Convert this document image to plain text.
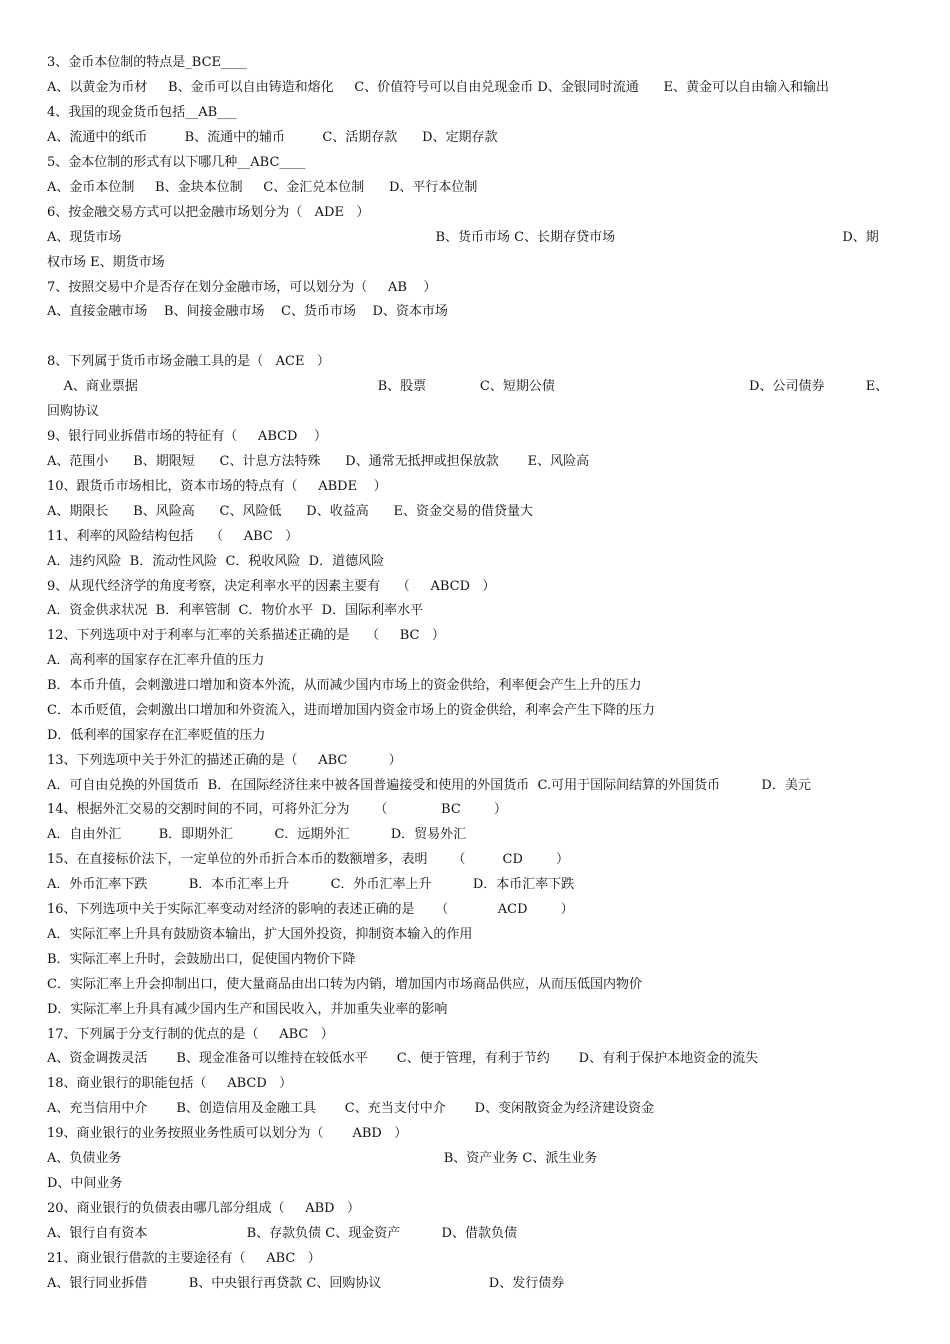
3、金币本位制的特点是_BCE____
A、以黄金为币材     B、金币可以自由铸造和熔化     C、价值符号可以自由兑现金币 D、金银同时流通      E、黄金可以自由输入和输出
4、我国的现金货币包括__AB___
A、流通中的纸币         B、流通中的辅币         C、活期存款      D、定期存款
5、金本位制的形式有以下哪几种__ABC____
A、金币本位制     B、金块本位制     C、金汇兑本位制      D、平行本位制
6、按金融交易方式可以把金融市场划分为（   ADE   ）
A、现货市场                                                                            B、货币市场 C、长期存贷市场                                                       D、期
权市场 E、期货市场
7、按照交易中介是否存在划分金融市场，可以划分为（     AB    ）
A、直接金融市场    B、间接金融市场    C、货币市场    D、资本市场
8、下列属于货币市场金融工具的是（   ACE   ）
A、商业票据                                                          B、股票             C、短期公债                                               D、公司债券          E、
回购协议
9、银行同业拆借市场的特征有（     ABCD    ）
A、范围小      B、期限短      C、计息方法特殊      D、通常无抵押或担保放款       E、风险高
10、跟货币市场相比，资本市场的特点有（     ABDE    ）
A、期限长      B、风险高      C、风险低      D、收益高      E、资金交易的借贷量大
11、利率的风险结构包括    （     ABC   ）
A．违约风险  B．流动性风险  C．税收风险  D．道德风险
9、从现代经济学的角度考察，决定利率水平的因素主要有    （     ABCD   ）
A．资金供求状况  B．利率管制  C．物价水平  D．国际利率水平
12、下列选项中对于利率与汇率的关系描述正确的是    （     BC   ）
A．高利率的国家存在汇率升值的压力
B．本币升值，会刺激进口增加和资本外流，从而减少国内市场上的资金供给，利率便会产生上升的压力
C．本币贬值，会刺激出口增加和外资流入，进而增加国内资金市场上的资金供给，利率会产生下降的压力
D．低利率的国家存在汇率贬值的压力
13、下列选项中关于外汇的描述正确的是（     ABC          ）
A．可自由兑换的外国货币  B．在国际经济往来中被各国普遍接受和使用的外国货币  C.可用于国际间结算的外国货币          D．美元
14、根据外汇交易的交割时间的不同，可将外汇分为      （             BC        ）
A．自由外汇         B．即期外汇          C．远期外汇          D．贸易外汇
15、在直接标价法下，一定单位的外币折合本币的数额增多，表明      （         CD        ）
A．外币汇率下跌          B．本币汇率上升          C．外币汇率上升          D．本币汇率下跌
16、下列选项中关于实际汇率变动对经济的影响的表述正确的是     （            ACD        ）
A．实际汇率上升具有鼓励资本输出，扩大国外投资，抑制资本输入的作用
B．实际汇率上升时，会鼓励出口，促使国内物价下降
C．实际汇率上升会抑制出口，使大量商品由出口转为内销，增加国内市场商品供应，从而压低国内物价
D．实际汇率上升具有减少国内生产和国民收入，并加重失业率的影响
17、下列属于分支行制的优点的是（     ABC   ）
A、资金调拨灵活       B、现金准备可以维持在较低水平       C、便于管理，有利于节约       D、有利于保护本地资金的流失
18、商业银行的职能包括（     ABCD   ）
A、充当信用中介       B、创造信用及金融工具       C、充当支付中介       D、变闲散资金为经济建设资金
19、商业银行的业务按照业务性质可以划分为（       ABD   ）
A、负债业务                                                                              B、资产业务 C、派生业务
D、中间业务
20、商业银行的负债表由哪几部分组成（     ABD   ）
A、银行自有资本                        B、存款负债 C、现金资产          D、借款负债
21、商业银行借款的主要途径有（     ABC   ）
A、银行同业拆借          B、中央银行再贷款 C、回购协议                          D、发行债券
